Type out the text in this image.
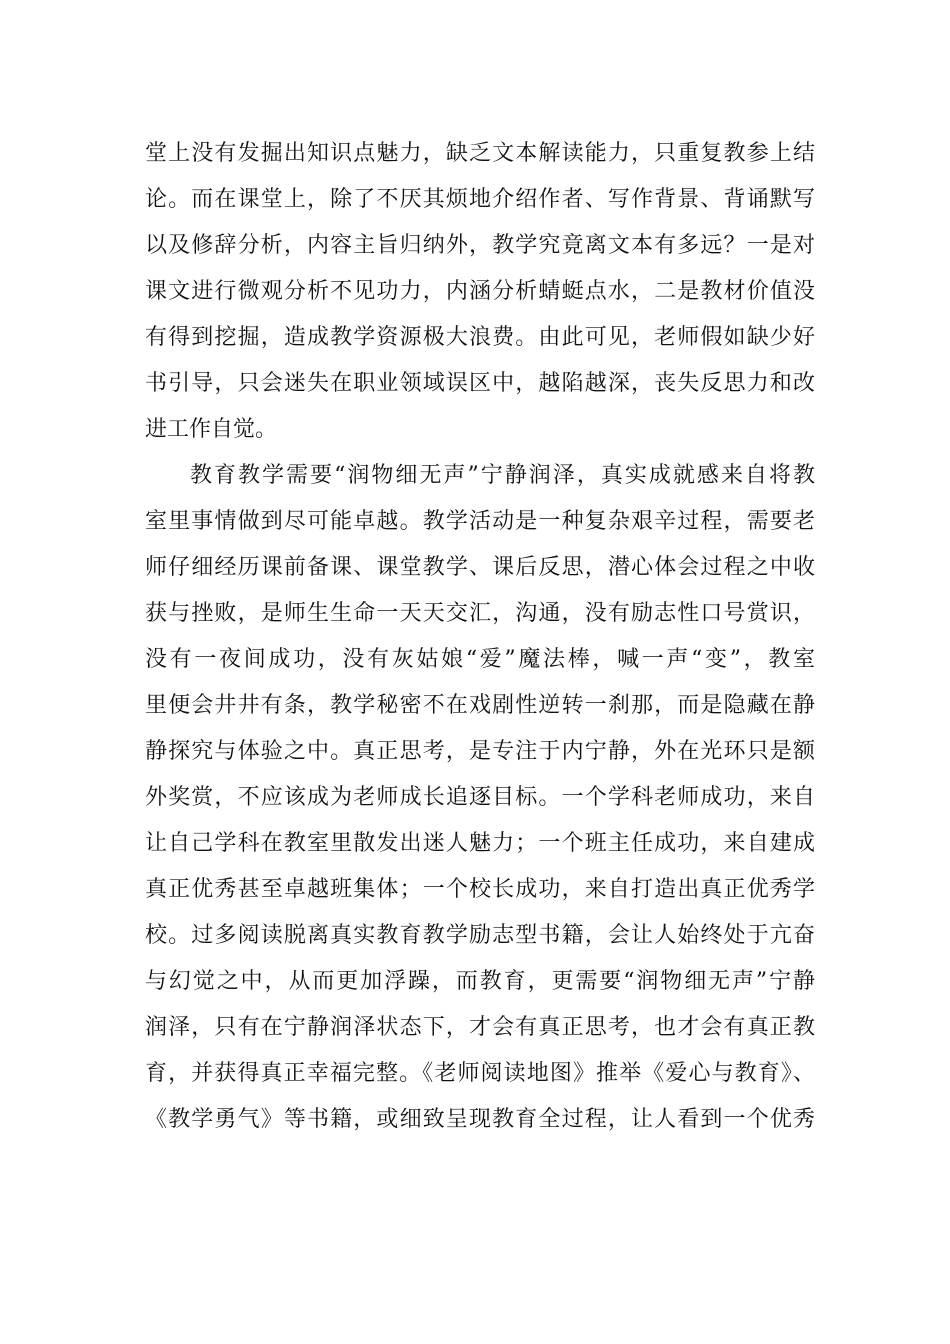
堂上没有发掘出知识点魅力，缺乏文本解读能力，只重复教参上结
论。而在课堂上，除了不厌其烦地介绍作者、写作背景、背诵默写
以及修辞分析，内容主旨归纳外，教学究竟离文本有多远？一是对
课文进行微观分析不见功力，内涵分析蜻蜓点水，二是教材价值没
有得到挖掘，造成教学资源极大浪费。由此可见，老师假如缺少好
书引导，只会迷失在职业领域误区中，越陷越深，丧失反思力和改
进工作自觉。
教育教学需要“润物细无声”宁静润泽，真实成就感来自将教
室里事情做到尽可能卓越。教学活动是一种复杂艰辛过程，需要老
师仔细经历课前备课、课堂教学、课后反思，潜心体会过程之中收
获与挫败，是师生生命一天天交汇，沟通，没有励志性口号赏识，
没有一夜间成功，没有灰姑娘“爱”魔法棒，喊一声“变”，教室
里便会井井有条，教学秘密不在戏剧性逆转一刹那，而是隐藏在静
静探究与体验之中。真正思考，是专注于内宁静，外在光环只是额
外奖赏，不应该成为老师成长追逐目标。一个学科老师成功，来自
让自己学科在教室里散发出迷人魅力；一个班主任成功，来自建成
真正优秀甚至卓越班集体；一个校长成功，来自打造出真正优秀学
校。过多阅读脱离真实教育教学励志型书籍，会让人始终处于亢奋
与幻觉之中，从而更加浮躁，而教育，更需要“润物细无声”宁静
润泽，只有在宁静润泽状态下，才会有真正思考，也才会有真正教
育，并获得真正幸福完整。《老师阅读地图》推举《爱心与教育》、
《教学勇气》等书籍，或细致呈现教育全过程，让人看到一个优秀
